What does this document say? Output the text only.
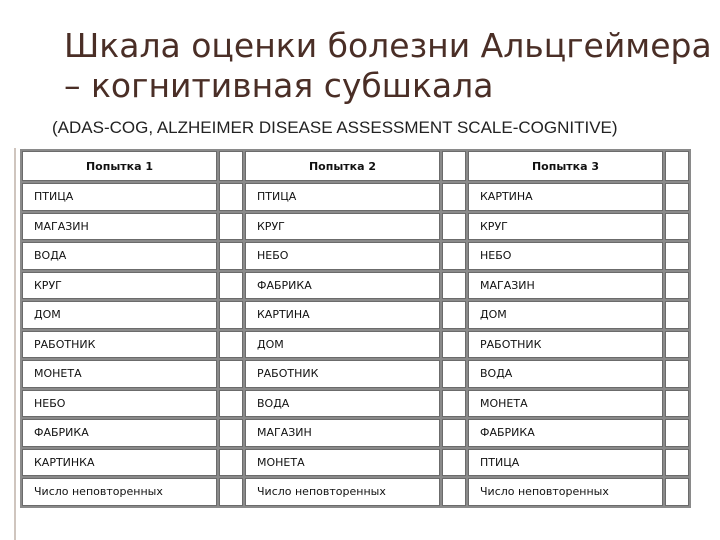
Шкала оценки болезни Альцгеймера
– когнитивная субшкала
(ADAS-COG, ALZHEIMER DISEASE ASSESSMENT SCALE-COGNITIVE)
Попытка 1		Попытка 2		Попытка 3	
ПТИЦА		ПТИЦА		КАРТИНА	
МАГАЗИН		КРУГ		КРУГ	
ВОДА		НЕБО		НЕБО	
КРУГ		ФАБРИКА		МАГАЗИН	
ДОМ		КАРТИНА		ДОМ	
РАБОТНИК		ДОМ		РАБОТНИК	
МОНЕТА		РАБОТНИК		ВОДА	
НЕБО		ВОДА		МОНЕТА	
ФАБРИКА		МАГАЗИН		ФАБРИКА	
КАРТИНКА		МОНЕТА		ПТИЦА	
Число неповторенных		Число неповторенных		Число неповторенных	
